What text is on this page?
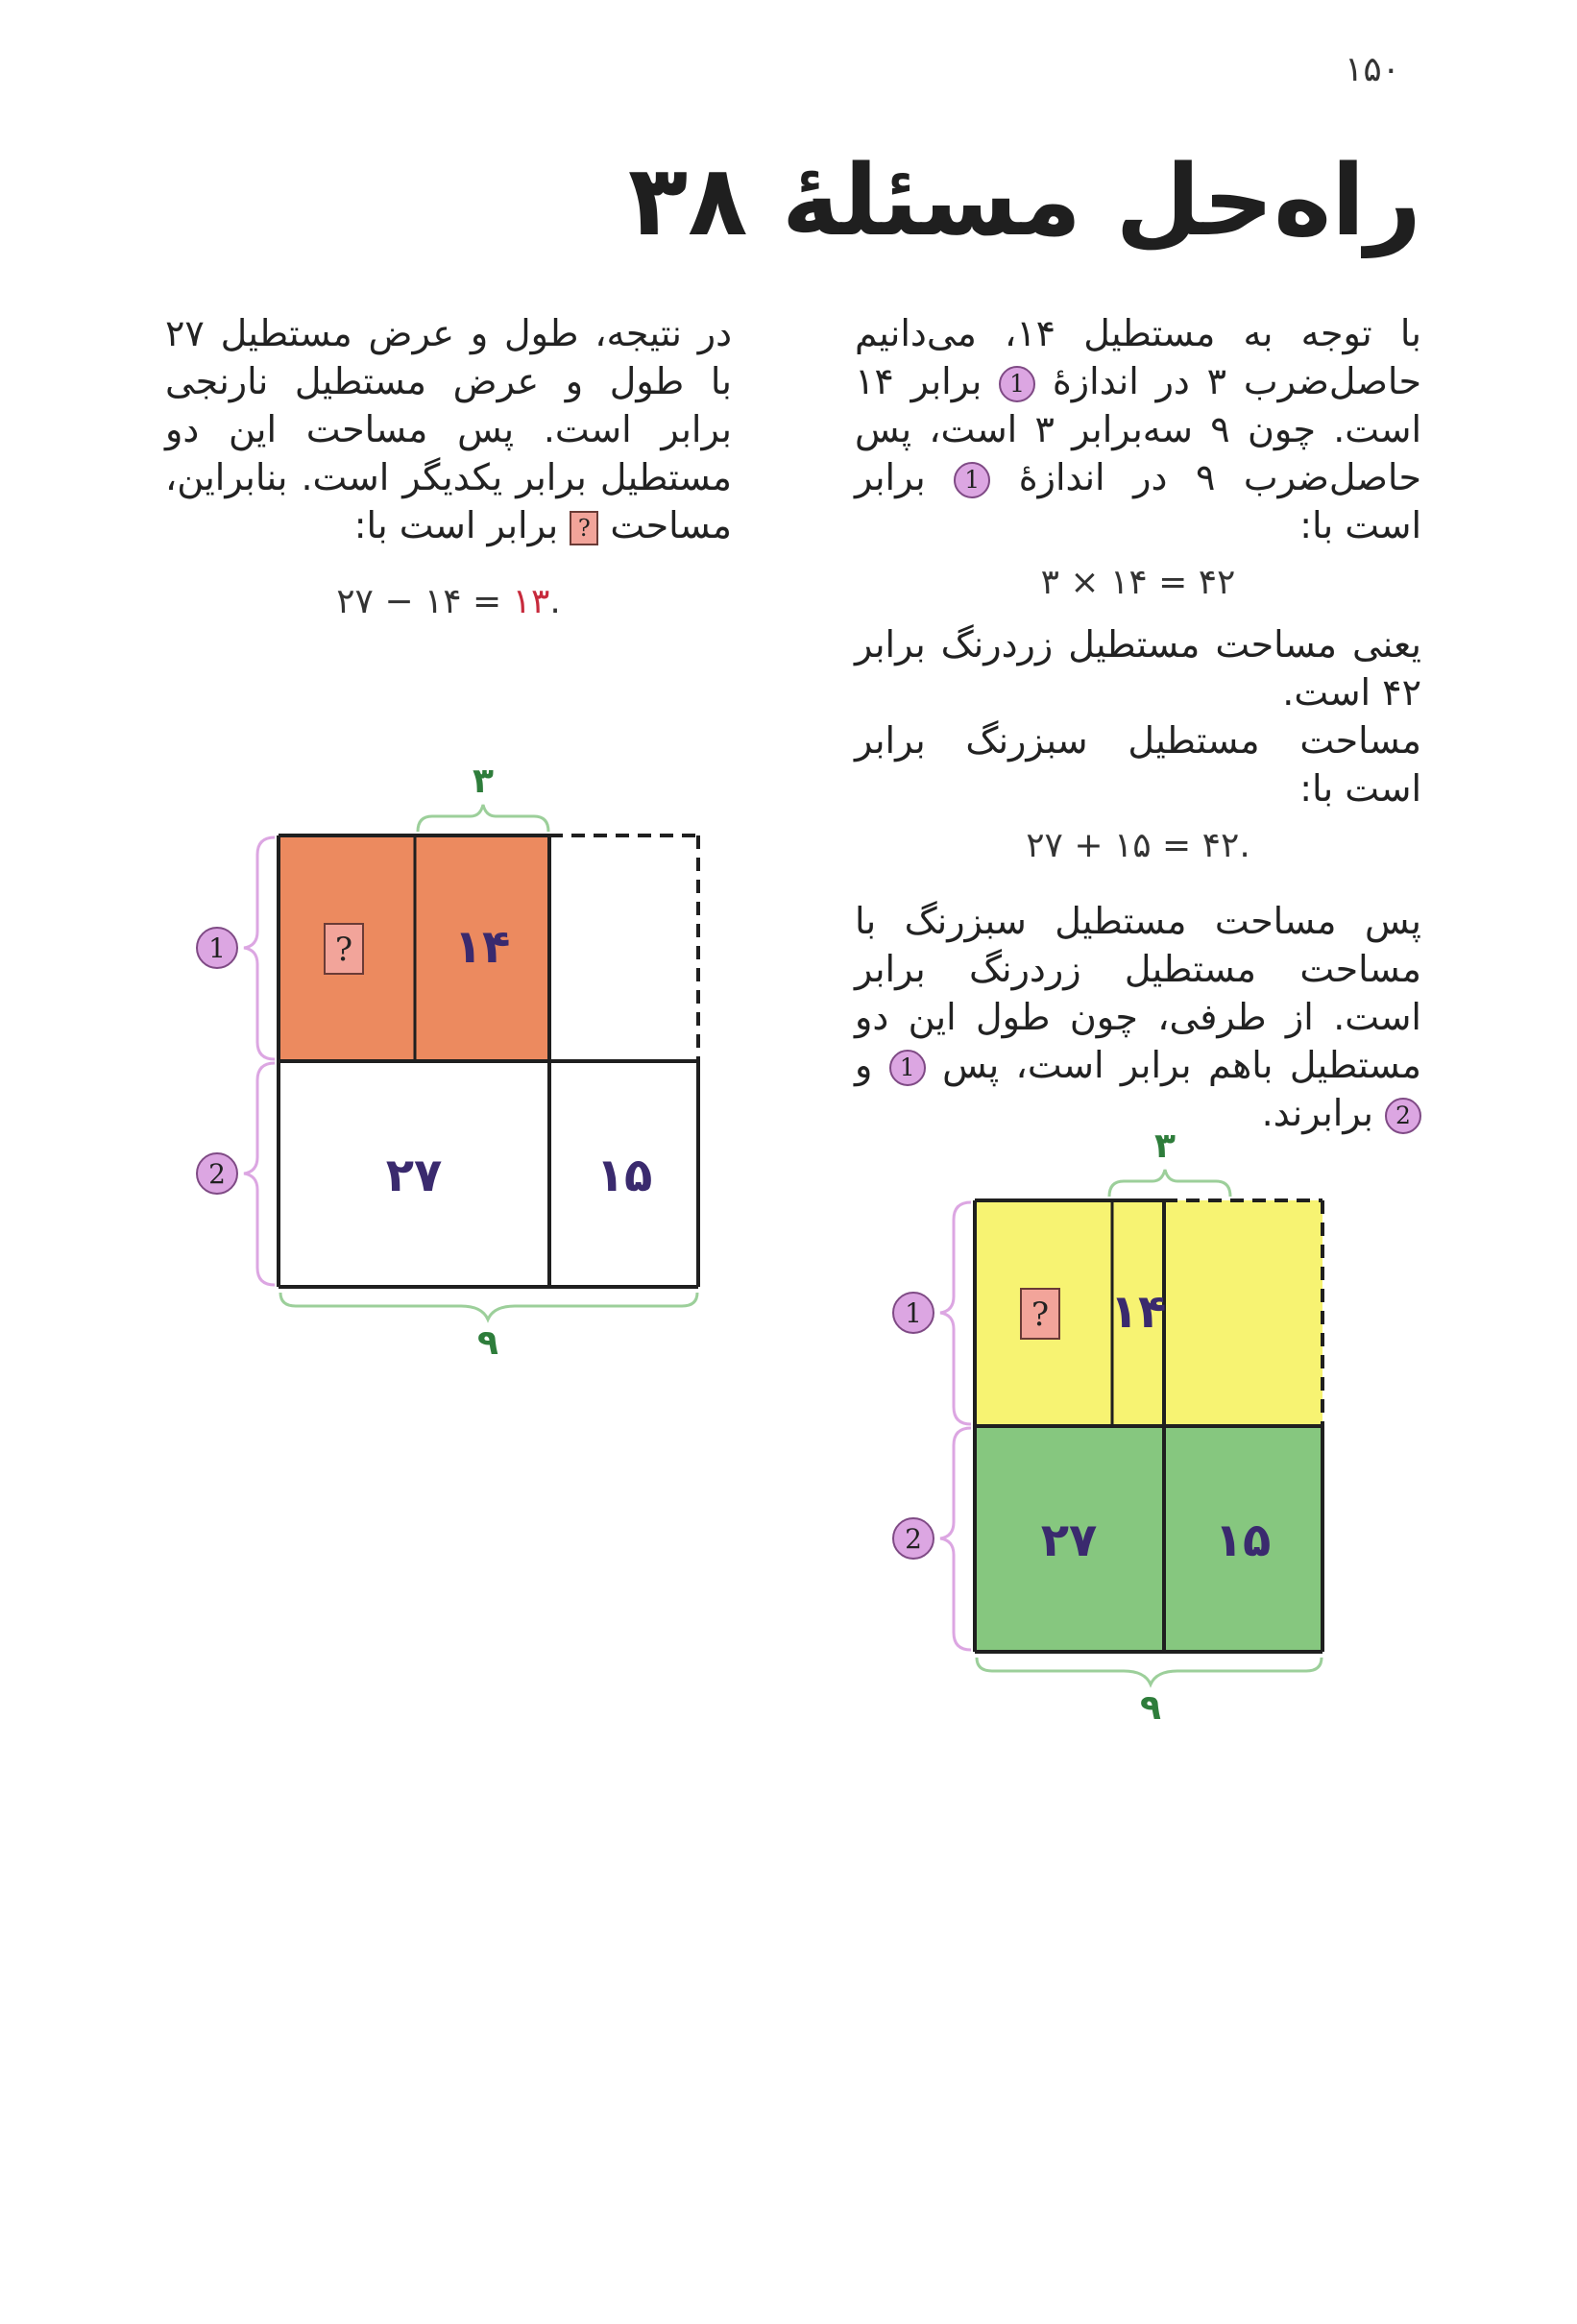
۱۵۰
راه‌حل مسئلهٔ ۳۸

با توجه به مستطیل ۱۴، می‌دانیم حاصل‌ضرب ۳ در اندازهٔ 1 برابر ۱۴ است. چون ۹ سه‌برابر ۳ است، پس حاصل‌ضرب ۹ در اندازهٔ 1 برابر است با:

۳ × ۱۴ = ۴۲

یعنی مساحت مستطیل زردرنگ برابر ۴۲ است.

مساحت مستطیل سبزرنگ برابر است با:

۲۷ + ۱۵ = ۴۲.

پس مساحت مستطیل سبزرنگ با مساحت مستطیل زردرنگ برابر است. از طرفی، چون طول این دو مستطیل باهم برابر است، پس 1 و 2 برابرند.

در نتیجه، طول و عرض مستطیل ۲۷ با طول و عرض مستطیل نارنجی برابر است. پس مساحت این دو مستطیل برابر یکدیگر است. بنابراین، مساحت ? برابر است با:

۲۷ − ۱۴ = ۱۳.
۳
? ۱۴
۲۷	۱۵
1
2
۹
۳
? ۱۴
۲۷	۱۵
1
2
۹
